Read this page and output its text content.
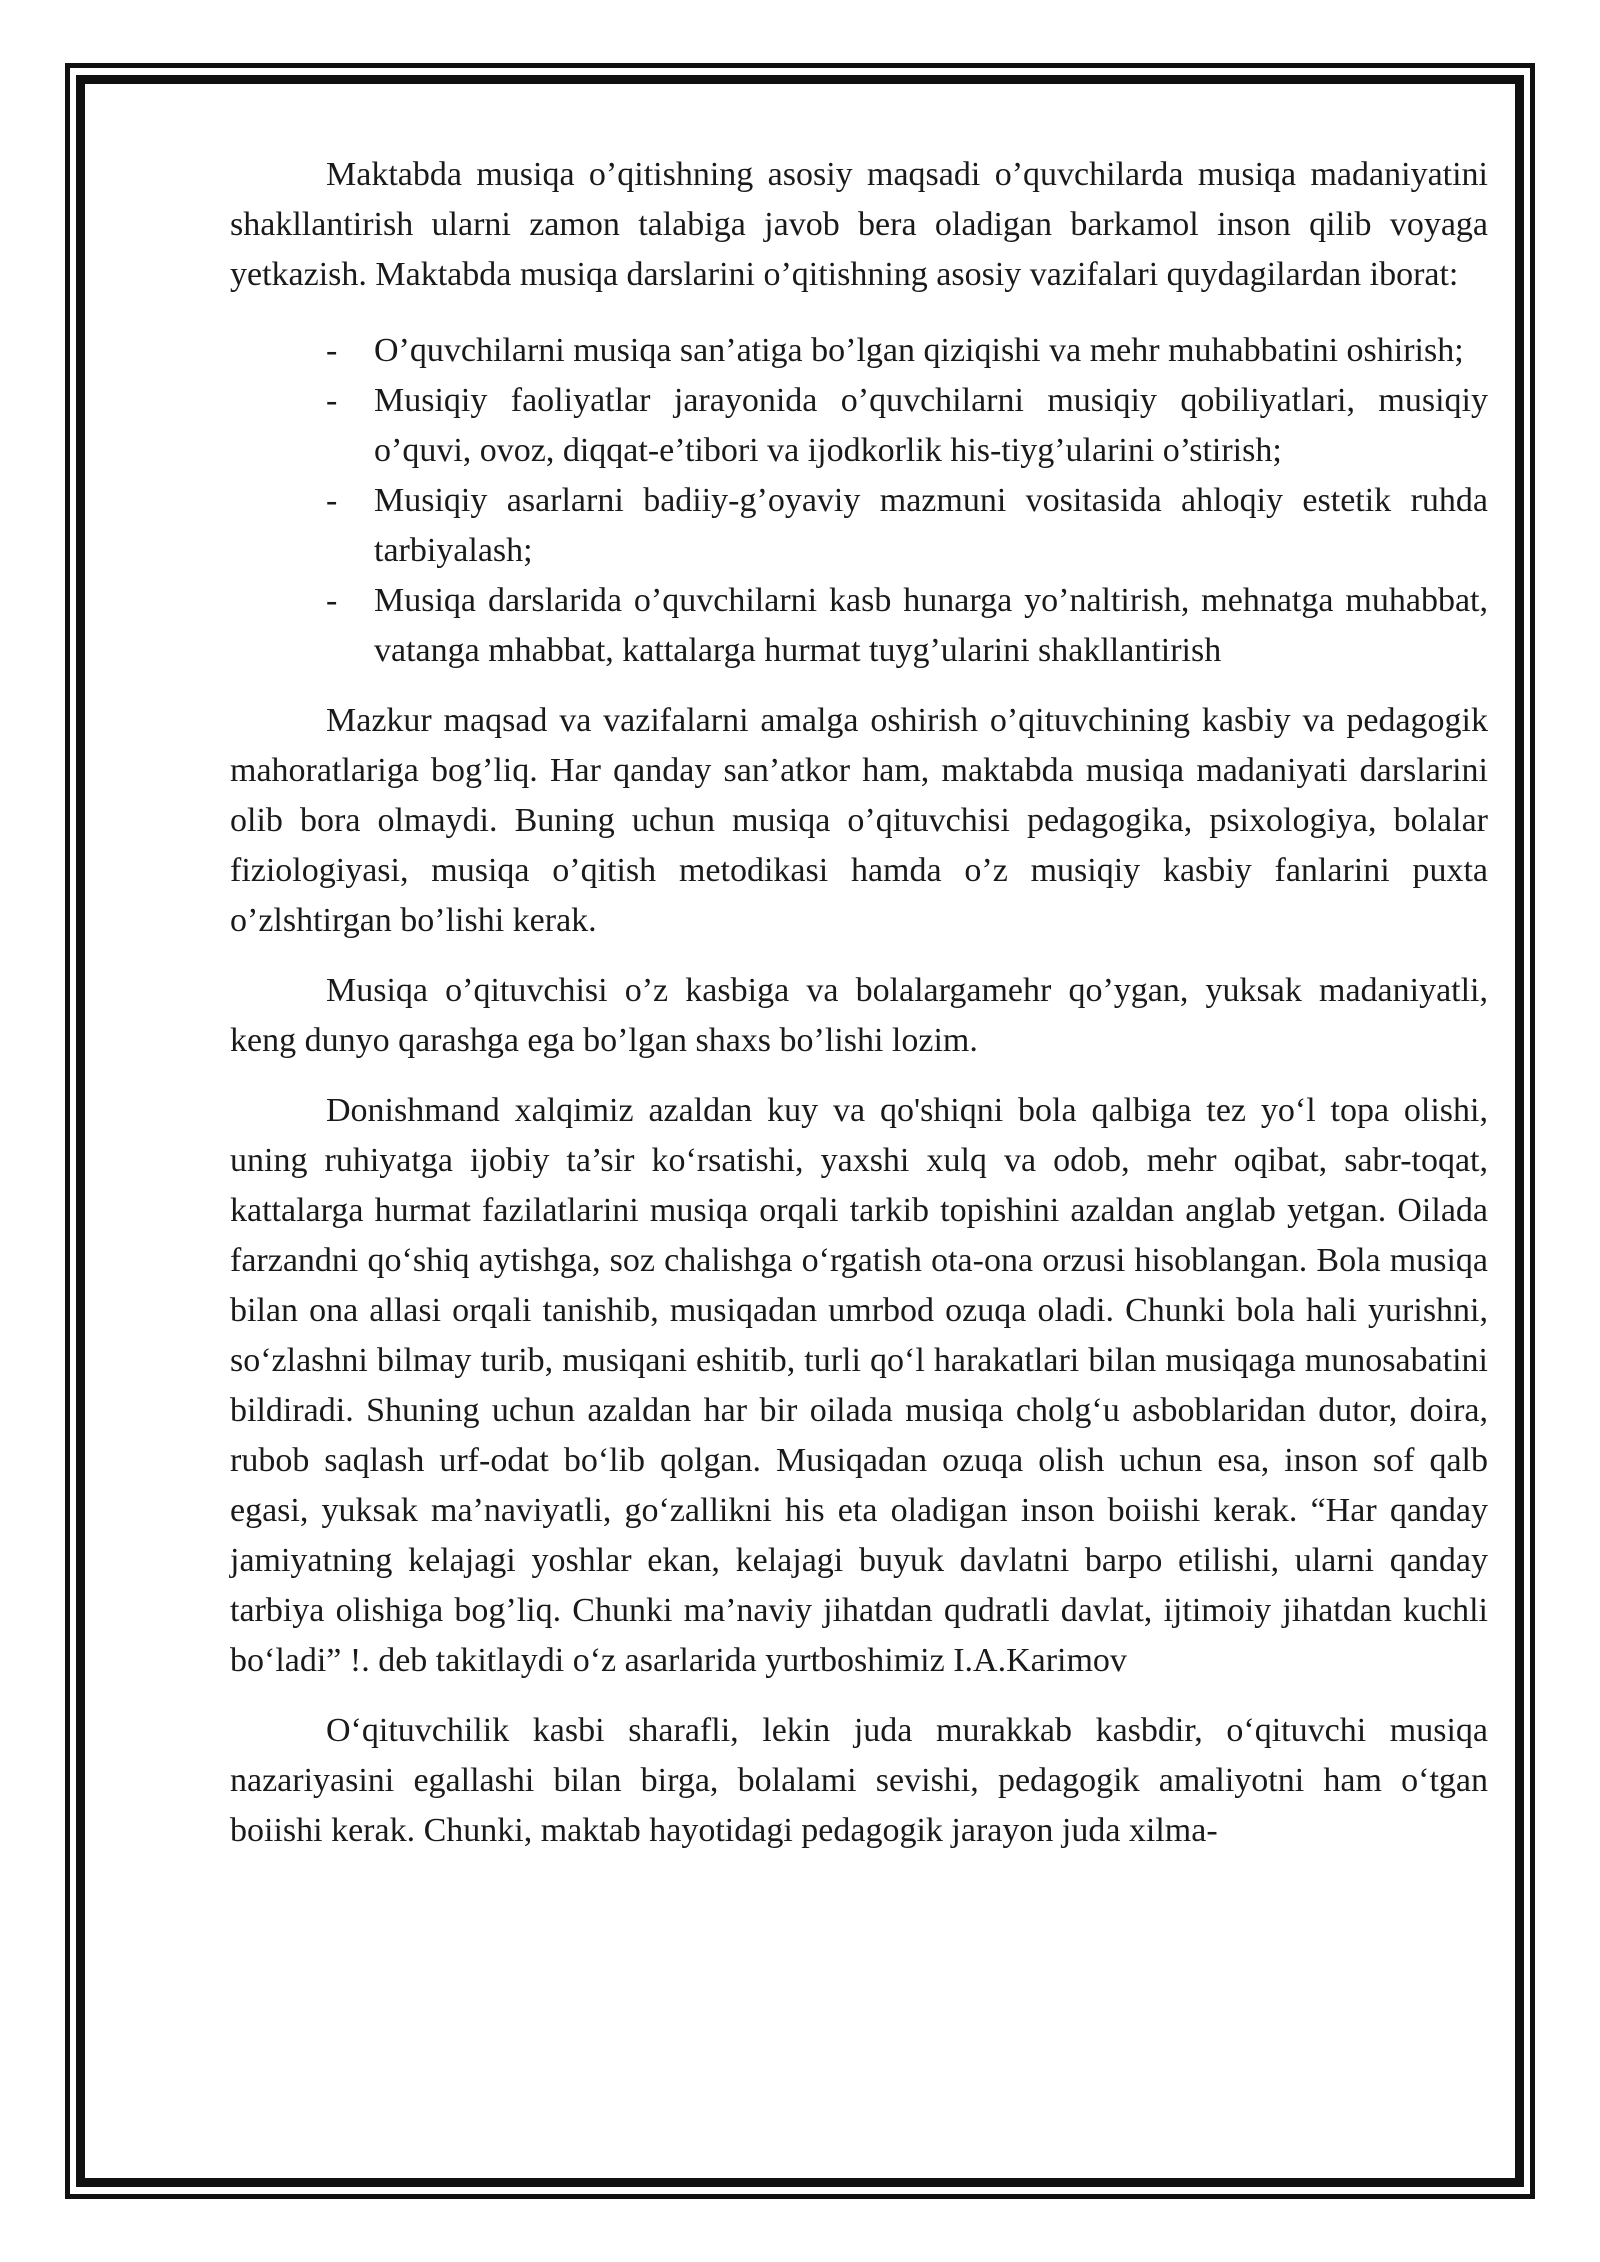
Maktabda musiqa o’qitishning asosiy maqsadi o’quvchilarda musiqa madaniyatini shakllantirish ularni zamon talabiga javob bera oladigan barkamol inson qilib voyaga yetkazish. Maktabda musiqa darslarini o’qitishning asosiy vazifalari quydagilardan iborat:

- O’quvchilarni musiqa san’atiga bo’lgan qiziqishi va mehr muhabbatini oshirish;
- Musiqiy faoliyatlar jarayonida o’quvchilarni musiqiy qobiliyatlari, musiqiy o’quvi, ovoz, diqqat-e’tibori va ijodkorlik his-tiyg’ularini o’stirish;
- Musiqiy asarlarni badiiy-g’oyaviy mazmuni vositasida ahloqiy estetik ruhda tarbiyalash;
- Musiqa darslarida o’quvchilarni kasb hunarga yo’naltirish, mehnatga muhabbat, vatanga mhabbat, kattalarga hurmat tuyg’ularini shakllantirish

Mazkur maqsad va vazifalarni amalga oshirish o’qituvchining kasbiy va pedagogik mahoratlariga bog’liq. Har qanday san’atkor ham, maktabda musiqa madaniyati darslarini olib bora olmaydi. Buning uchun musiqa o’qituvchisi pedagogika, psixologiya, bolalar fiziologiyasi, musiqa o’qitish metodikasi hamda o’z musiqiy kasbiy fanlarini puxta o’zlshtirgan bo’lishi kerak.

Musiqa o’qituvchisi o’z kasbiga va bolalargamehr qo’ygan, yuksak madaniyatli, keng dunyo qarashga ega bo’lgan shaxs bo’lishi lozim.

Donishmand xalqimiz azaldan kuy va qo'shiqni bola qalbiga tez yo‘l topa olishi, uning ruhiyatga ijobiy ta’sir ko‘rsatishi, yaxshi xulq va odob, mehr oqibat, sabr-toqat, kattalarga hurmat fazilatlarini musiqa orqali tarkib topishini azaldan anglab yetgan. Oilada farzandni qo‘shiq aytishga, soz chalishga o‘rgatish ota-ona orzusi hisoblangan. Bola musiqa bilan ona allasi orqali tanishib, musiqadan umrbod ozuqa oladi. Chunki bola hali yurishni, so‘zlashni bilmay turib, musiqani eshitib, turli qo‘l harakatlari bilan musiqaga munosabatini bildiradi. Shuning uchun azaldan har bir oilada musiqa cholg‘u asboblaridan dutor, doira, rubob saqlash urf-odat bo‘lib qolgan. Musiqadan ozuqa olish uchun esa, inson sof qalb egasi, yuksak ma’naviyatli, go‘zallikni his eta oladigan inson boiishi kerak. “Har qanday jamiyatning kelajagi yoshlar ekan, kelajagi buyuk davlatni barpo etilishi, ularni qanday tarbiya olishiga bog’liq. Chunki ma’naviy jihatdan qudratli davlat, ijtimoiy jihatdan kuchli bo‘ladi” !. deb takitlaydi o‘z asarlarida yurtboshimiz I.A.Karimov

O‘qituvchilik kasbi sharafli, lekin juda murakkab kasbdir, o‘qituvchi musiqa nazariyasini egallashi bilan birga, bolalami sevishi, pedagogik amaliyotni ham o‘tgan boiishi kerak. Chunki, maktab hayotidagi pedagogik jarayon juda xilma-
